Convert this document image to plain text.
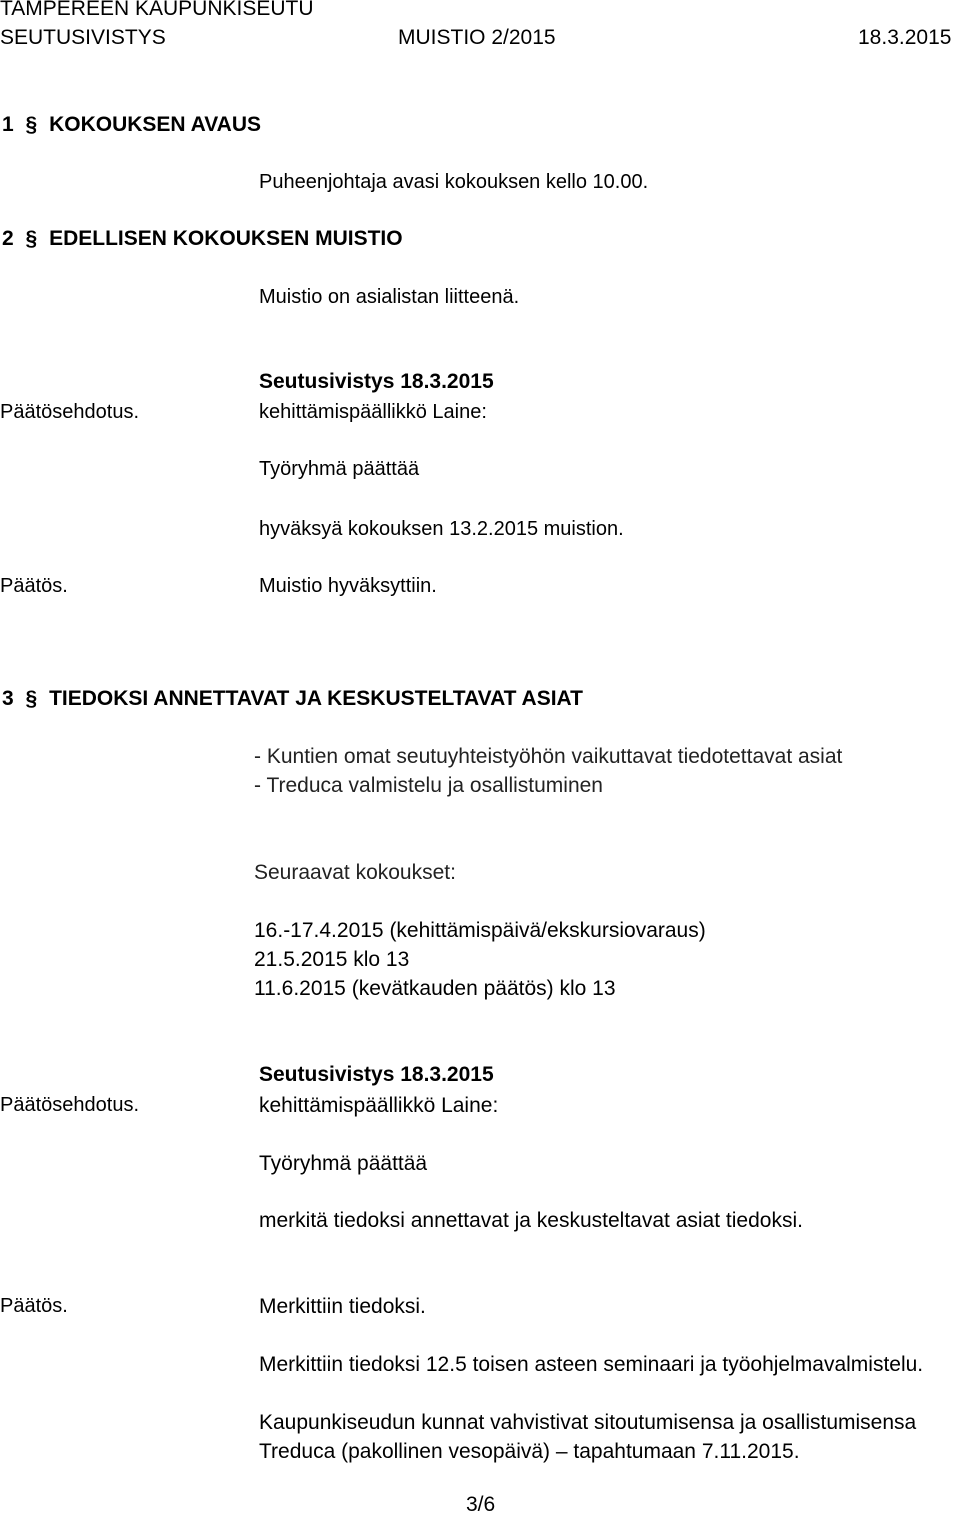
TAMPEREEN KAUPUNKISEUTU
SEUTUSIVISTYS	MUISTIO 2/2015	18.3.2015
1 § KOKOUKSEN AVAUS
Puheenjohtaja avasi kokouksen kello 10.00.
2 § EDELLISEN KOKOUKSEN MUISTIO
Muistio on asialistan liitteenä.
Seutusivistys 18.3.2015
Päätösehdotus.	kehittämispäällikkö Laine:
Työryhmä päättää
hyväksyä kokouksen 13.2.2015 muistion.
Päätös.	Muistio hyväksyttiin.
3 § TIEDOKSI ANNETTAVAT JA KESKUSTELTAVAT ASIAT
- Kuntien omat seutuyhteistyöhön vaikuttavat tiedotettavat asiat
- Treduca valmistelu ja osallistuminen
Seuraavat kokoukset:
16.-17.4.2015 (kehittämispäivä/ekskursiovaraus)
21.5.2015 klo 13
11.6.2015 (kevätkauden päätös) klo 13
Seutusivistys 18.3.2015
Päätösehdotus.	kehittämispäällikkö Laine:
Työryhmä päättää
merkitä tiedoksi annettavat ja keskusteltavat asiat tiedoksi.
Päätös.	Merkittiin tiedoksi.
Merkittiin tiedoksi 12.5 toisen asteen seminaari ja työohjelmavalmistelu.
Kaupunkiseudun kunnat vahvistivat sitoutumisensa ja osallistumisensa
Treduca (pakollinen vesopäivä) – tapahtumaan 7.11.2015.
3/6
